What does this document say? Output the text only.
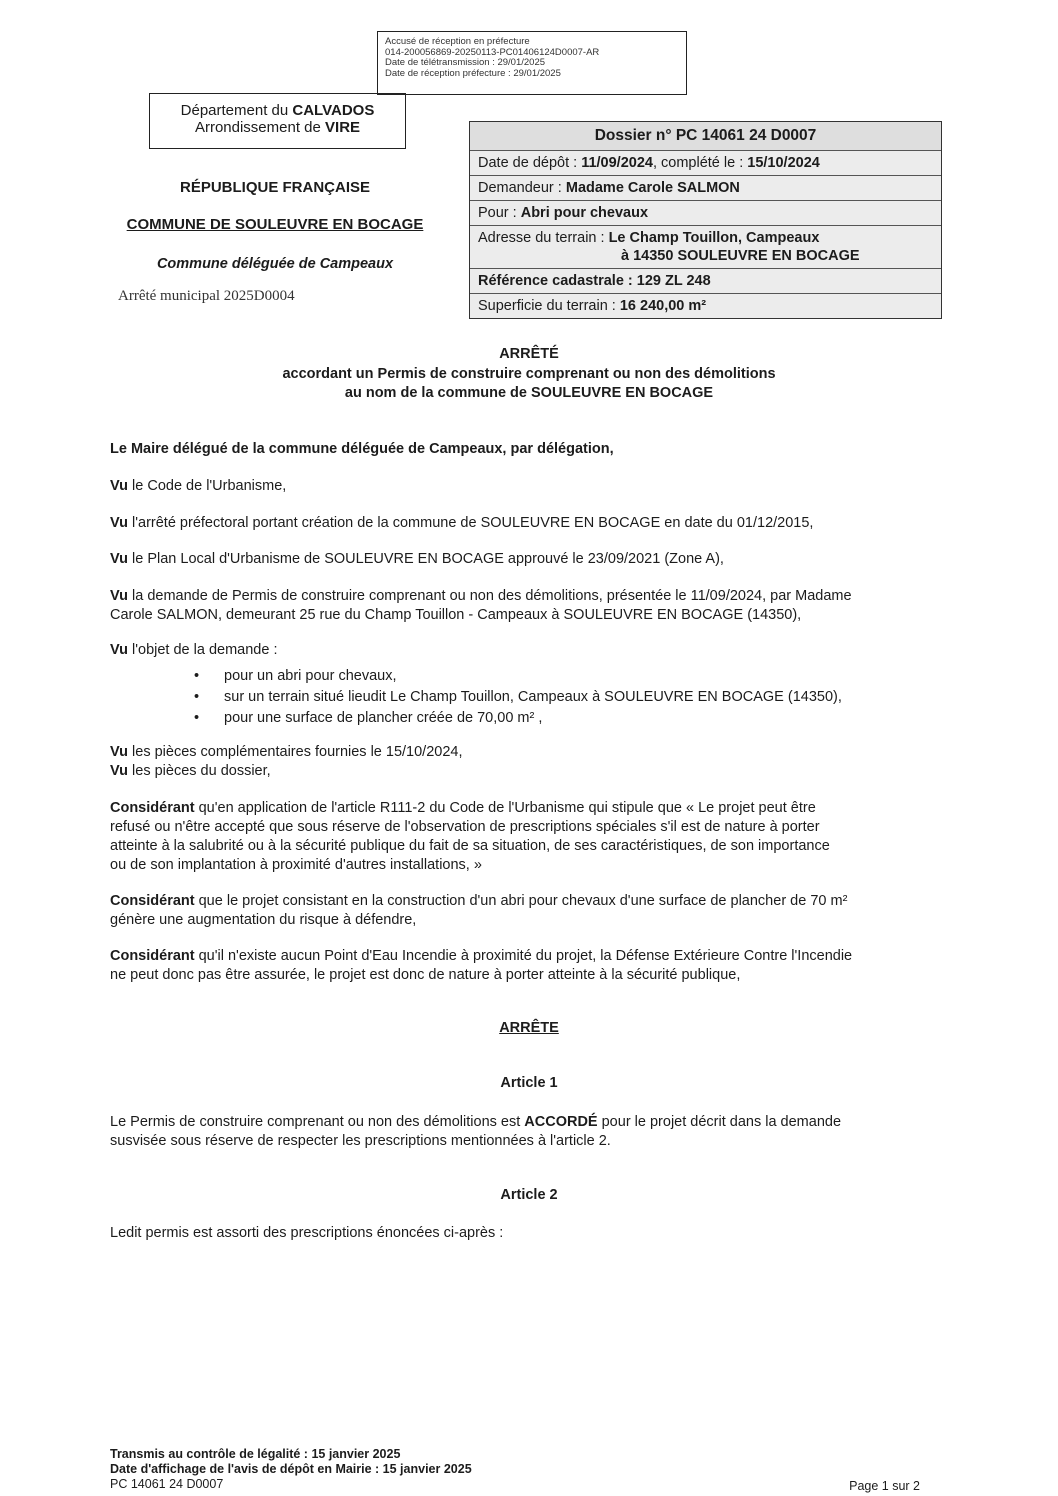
Accusé de réception en préfecture
014-200056869-20250113-PC01406124D0007-AR
Date de télétransmission : 29/01/2025
Date de réception préfecture : 29/01/2025
Département du CALVADOS
Arrondissement de VIRE
RÉPUBLIQUE FRANÇAISE
COMMUNE DE SOULEUVRE EN BOCAGE
Commune déléguée de Campeaux
Arrêté municipal 2025D0004
Dossier n° PC 14061 24 D0007
Date de dépôt : 11/09/2024, complété le : 15/10/2024
Demandeur : Madame Carole SALMON
Pour : Abri pour chevaux
Adresse du terrain : Le Champ Touillon, Campeaux
à 14350 SOULEUVRE EN BOCAGE
Référence cadastrale : 129 ZL 248
Superficie du terrain : 16 240,00 m²
ARRÊTÉ
accordant un Permis de construire comprenant ou non des démolitions
au nom de la commune de SOULEUVRE EN BOCAGE
Le Maire délégué de la commune déléguée de Campeaux, par délégation,
Vu le Code de l'Urbanisme,
Vu l'arrêté préfectoral portant création de la commune de SOULEUVRE EN BOCAGE en date du 01/12/2015,
Vu le Plan Local d'Urbanisme de SOULEUVRE EN BOCAGE approuvé le 23/09/2021 (Zone A),
Vu la demande de Permis de construire comprenant ou non des démolitions, présentée le 11/09/2024, par Madame
Carole SALMON, demeurant 25 rue du Champ Touillon - Campeaux à SOULEUVRE EN BOCAGE (14350),
Vu l'objet de la demande :
• pour un abri pour chevaux,
• sur un terrain situé lieudit Le Champ Touillon, Campeaux à SOULEUVRE EN BOCAGE (14350),
• pour une surface de plancher créée de 70,00 m² ,
Vu les pièces complémentaires fournies le 15/10/2024,
Vu les pièces du dossier,
Considérant qu'en application de l'article R111-2 du Code de l'Urbanisme qui stipule que « Le projet peut être
refusé ou n'être accepté que sous réserve de l'observation de prescriptions spéciales s'il est de nature à porter
atteinte à la salubrité ou à la sécurité publique du fait de sa situation, de ses caractéristiques, de son importance
ou de son implantation à proximité d'autres installations, »
Considérant que le projet consistant en la construction d'un abri pour chevaux d'une surface de plancher de 70 m²
génère une augmentation du risque à défendre,
Considérant qu'il n'existe aucun Point d'Eau Incendie à proximité du projet, la Défense Extérieure Contre l'Incendie
ne peut donc pas être assurée, le projet est donc de nature à porter atteinte à la sécurité publique,
ARRÊTE
Article 1
Le Permis de construire comprenant ou non des démolitions est ACCORDÉ pour le projet décrit dans la demande
susvisée sous réserve de respecter les prescriptions mentionnées à l'article 2.
Article 2
Ledit permis est assorti des prescriptions énoncées ci-après :
Transmis au contrôle de légalité : 15 janvier 2025
Date d'affichage de l'avis de dépôt en Mairie : 15 janvier 2025
PC 14061 24 D0007	Page 1 sur 2
